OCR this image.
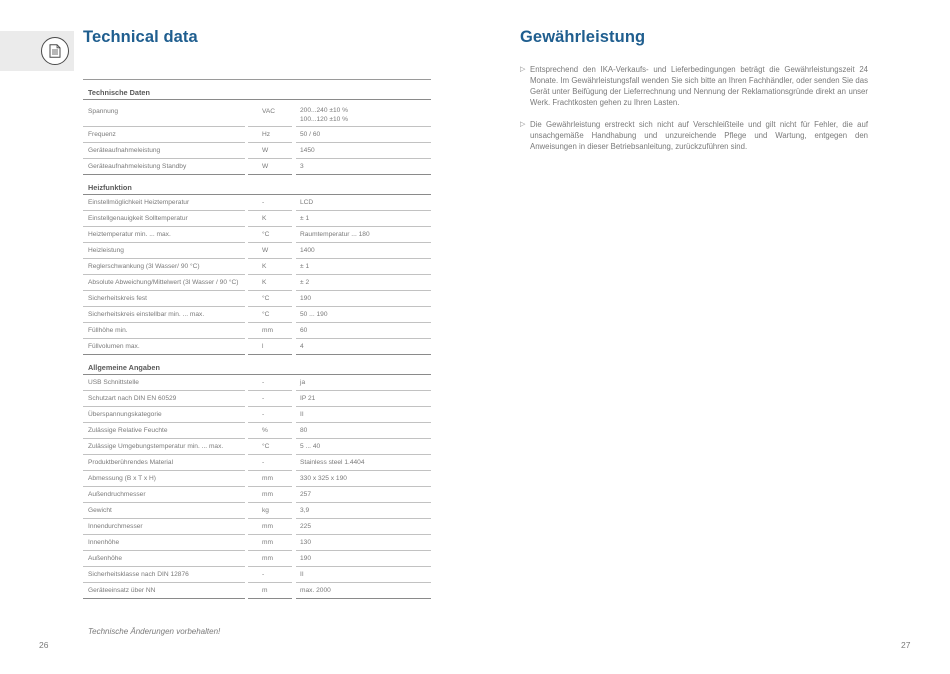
Technical data	Gewährleistung
Technische Daten
Spannung	VAC	200...240 ±10 %
100...120 ±10 %
Frequenz	Hz	50 / 60
Geräteaufnahmeleistung	W	1450
Geräteaufnahmeleistung Standby	W	3
Heizfunktion
Einstellmöglichkeit Heiztemperatur	-	LCD
Einstellgenauigkeit Solltemperatur	K	± 1
Heiztemperatur min. ... max.	°C	Raumtemperatur ... 180
Heizleistung	W	1400
Reglerschwankung (3l Wasser/ 90 °C)	K	± 1
Absolute Abweichung/Mittelwert (3l Wasser / 90 °C)	K	± 2
Sicherheitskreis fest	°C	190
Sicherheitskreis einstellbar min. ... max.	°C	50 ... 190
Füllhöhe min.	mm	60
Füllvolumen max.	l	4
Allgemeine Angaben
USB Schnittstelle	-	ja
Schutzart nach DIN EN 60529	-	IP 21
Überspannungskategorie	-	II
Zulässige Relative Feuchte	%	80
Zulässige Umgebungstemperatur min. ... max.	°C	5 ... 40
Produktberührendes Material	-	Stainless steel 1.4404
Abmessung (B x T x H)	mm	330 x 325 x 190
Außendruchmesser	mm	257
Gewicht	kg	3,9
Innendurchmesser	mm	225
Innenhöhe	mm	130
Außenhöhe	mm	190
Sicherheitsklasse nach DIN 12876	-	II
Geräteeinsatz über NN	m	max. 2000
Technische Änderungen vorbehalten!
26	27
▷ Entsprechend den IKA-Verkaufs- und Lieferbedingungen beträgt die Gewährleistungszeit 24 Monate. Im Gewährleistungsfall wenden Sie sich bitte an Ihren Fachhändler, oder senden Sie das Gerät unter Beifügung der Lieferrechnung und Nennung der Reklamationsgründe direkt an unser Werk. Frachtkosten gehen zu Ihren Lasten.
▷ Die Gewährleistung erstreckt sich nicht auf Verschleißteile und gilt nicht für Fehler, die auf unsachgemäße Handhabung und unzureichende Pflege und Wartung, entgegen den Anweisungen in dieser Betriebsanleitung, zurückzuführen sind.
